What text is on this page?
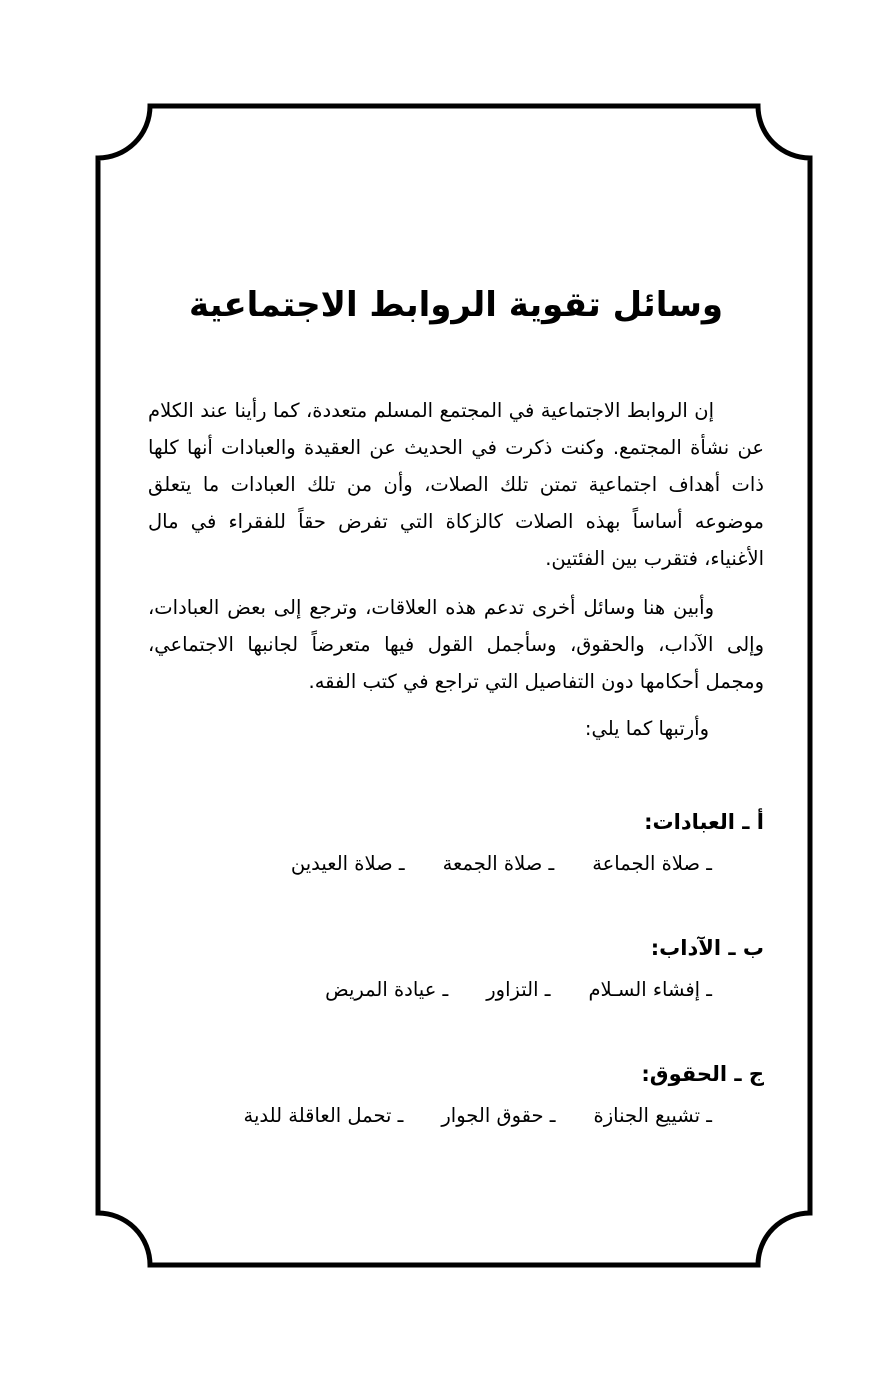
وسائل تقوية الروابط الاجتماعية

إن الروابط الاجتماعية في المجتمع المسلم متعددة، كما رأينا عند الكلام عن نشأة المجتمع. وكنت ذكرت في الحديث عن العقيدة والعبادات أنها كلها ذات أهداف اجتماعية تمتن تلك الصلات، وأن من تلك العبادات ما يتعلق موضوعه أساساً بهذه الصلات كالزكاة التي تفرض حقاً للفقراء في مال الأغنياء، فتقرب بين الفئتين.

وأبين هنا وسائل أخرى تدعم هذه العلاقات، وترجع إلى بعض العبادات، وإلى الآداب، والحقوق، وسأجمل القول فيها متعرضاً لجانبها الاجتماعي، ومجمل أحكامها دون التفاصيل التي تراجع في كتب الفقه.

وأرتبها كما يلي:

أ ـ العبادات:

ـ صلاة الجماعة
ـ صلاة الجمعة
ـ صلاة العيدين

ب ـ الآداب:

ـ إفشاء السـلام
ـ التزاور
ـ عيادة المريض

ج ـ الحقوق:

ـ تشييع الجنازة
ـ حقوق الجوار
ـ تحمل العاقلة للدية
